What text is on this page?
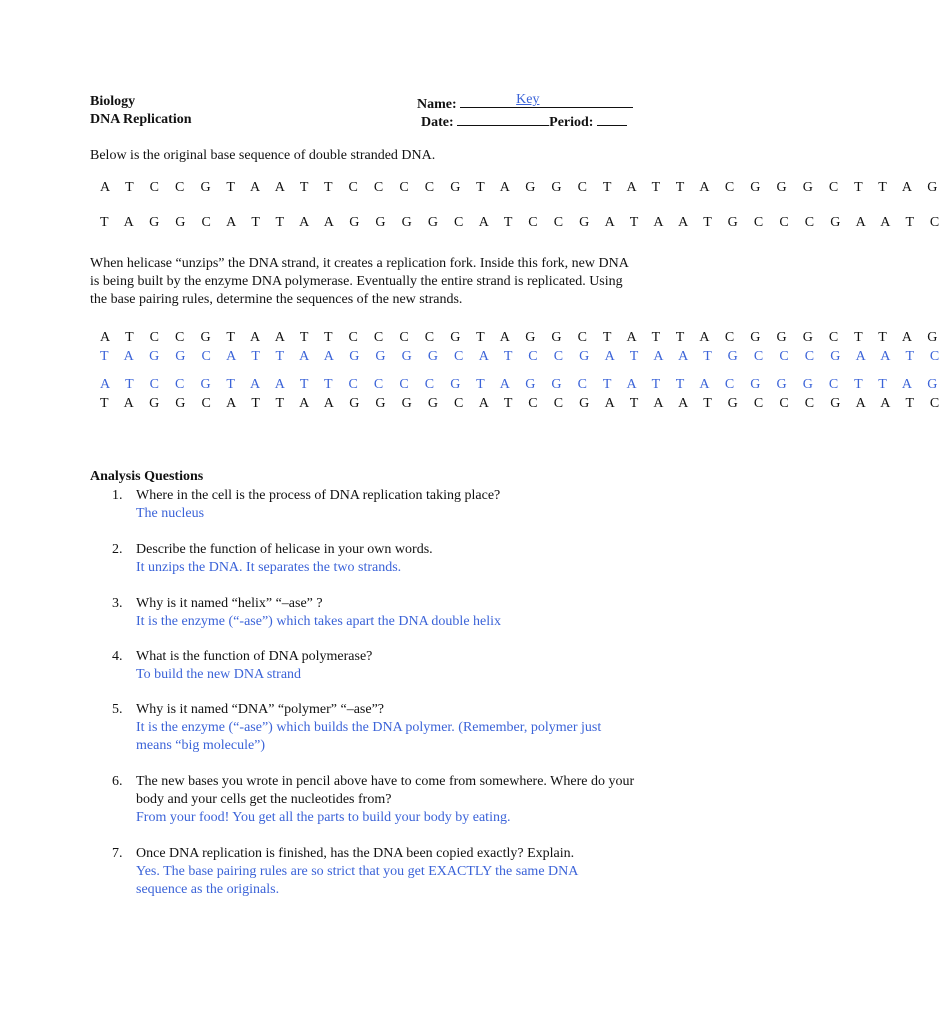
Biology
DNA Replication
Name:	Key
Date:	Period:
Below is the original base sequence of double stranded DNA.
A T C C G T A A T T C C C C G T A G G C T A T T A C G G G C T T A G
T A G G C A T T A A G G G G C A T C C G A T A A T G C C C G A A T C
When helicase “unzips” the DNA strand, it creates a replication fork. Inside this fork, new DNA
is being built by the enzyme DNA polymerase. Eventually the entire strand is replicated. Using
the base pairing rules, determine the sequences of the new strands.
A T C C G T A A T T C C C C G T A G G C T A T T A C G G G C T T A G
T A G G C A T T A A G G G G C A T C C G A T A A T G C C C G A A T C
A T C C G T A A T T C C C C G T A G G C T A T T A C G G G C T T A G
T A G G C A T T A A G G G G C A T C C G A T A A T G C C C G A A T C
Analysis Questions
1. Where in the cell is the process of DNA replication taking place?
The nucleus
2. Describe the function of helicase in your own words.
It unzips the DNA. It separates the two strands.
3. Why is it named “helix” “–ase” ?
It is the enzyme (“-ase”) which takes apart the DNA double helix
4. What is the function of DNA polymerase?
To build the new DNA strand
5. Why is it named “DNA” “polymer” “–ase”?
It is the enzyme (“-ase”) which builds the DNA polymer. (Remember, polymer just
means “big molecule”)
6. The new bases you wrote in pencil above have to come from somewhere. Where do your
body and your cells get the nucleotides from?
From your food! You get all the parts to build your body by eating.
7. Once DNA replication is finished, has the DNA been copied exactly? Explain.
Yes. The base pairing rules are so strict that you get EXACTLY the same DNA
sequence as the originals.
